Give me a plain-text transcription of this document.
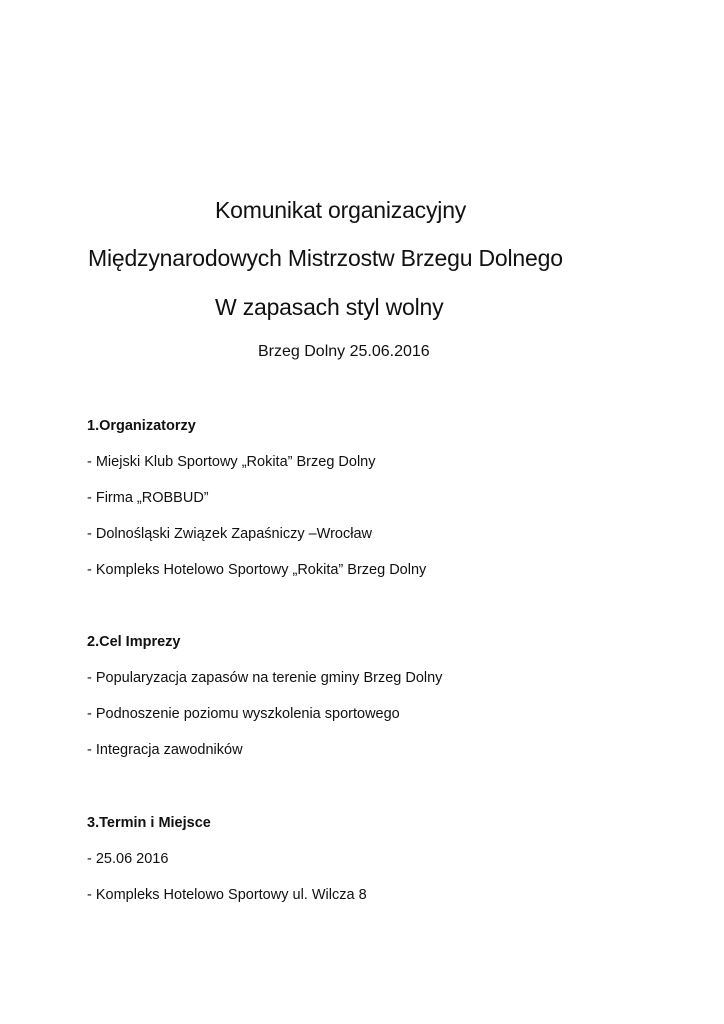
Komunikat organizacyjny
Międzynarodowych Mistrzostw Brzegu Dolnego
W zapasach styl wolny
Brzeg Dolny 25.06.2016
1.Organizatorzy
- Miejski Klub Sportowy „Rokita” Brzeg Dolny
- Firma „ROBBUD”
- Dolnośląski Związek Zapaśniczy –Wrocław
- Kompleks Hotelowo Sportowy „Rokita” Brzeg Dolny
2.Cel Imprezy
- Popularyzacja zapasów na terenie gminy Brzeg Dolny
- Podnoszenie poziomu wyszkolenia sportowego
- Integracja zawodników
3.Termin i Miejsce
- 25.06 2016
- Kompleks Hotelowo Sportowy ul. Wilcza 8
